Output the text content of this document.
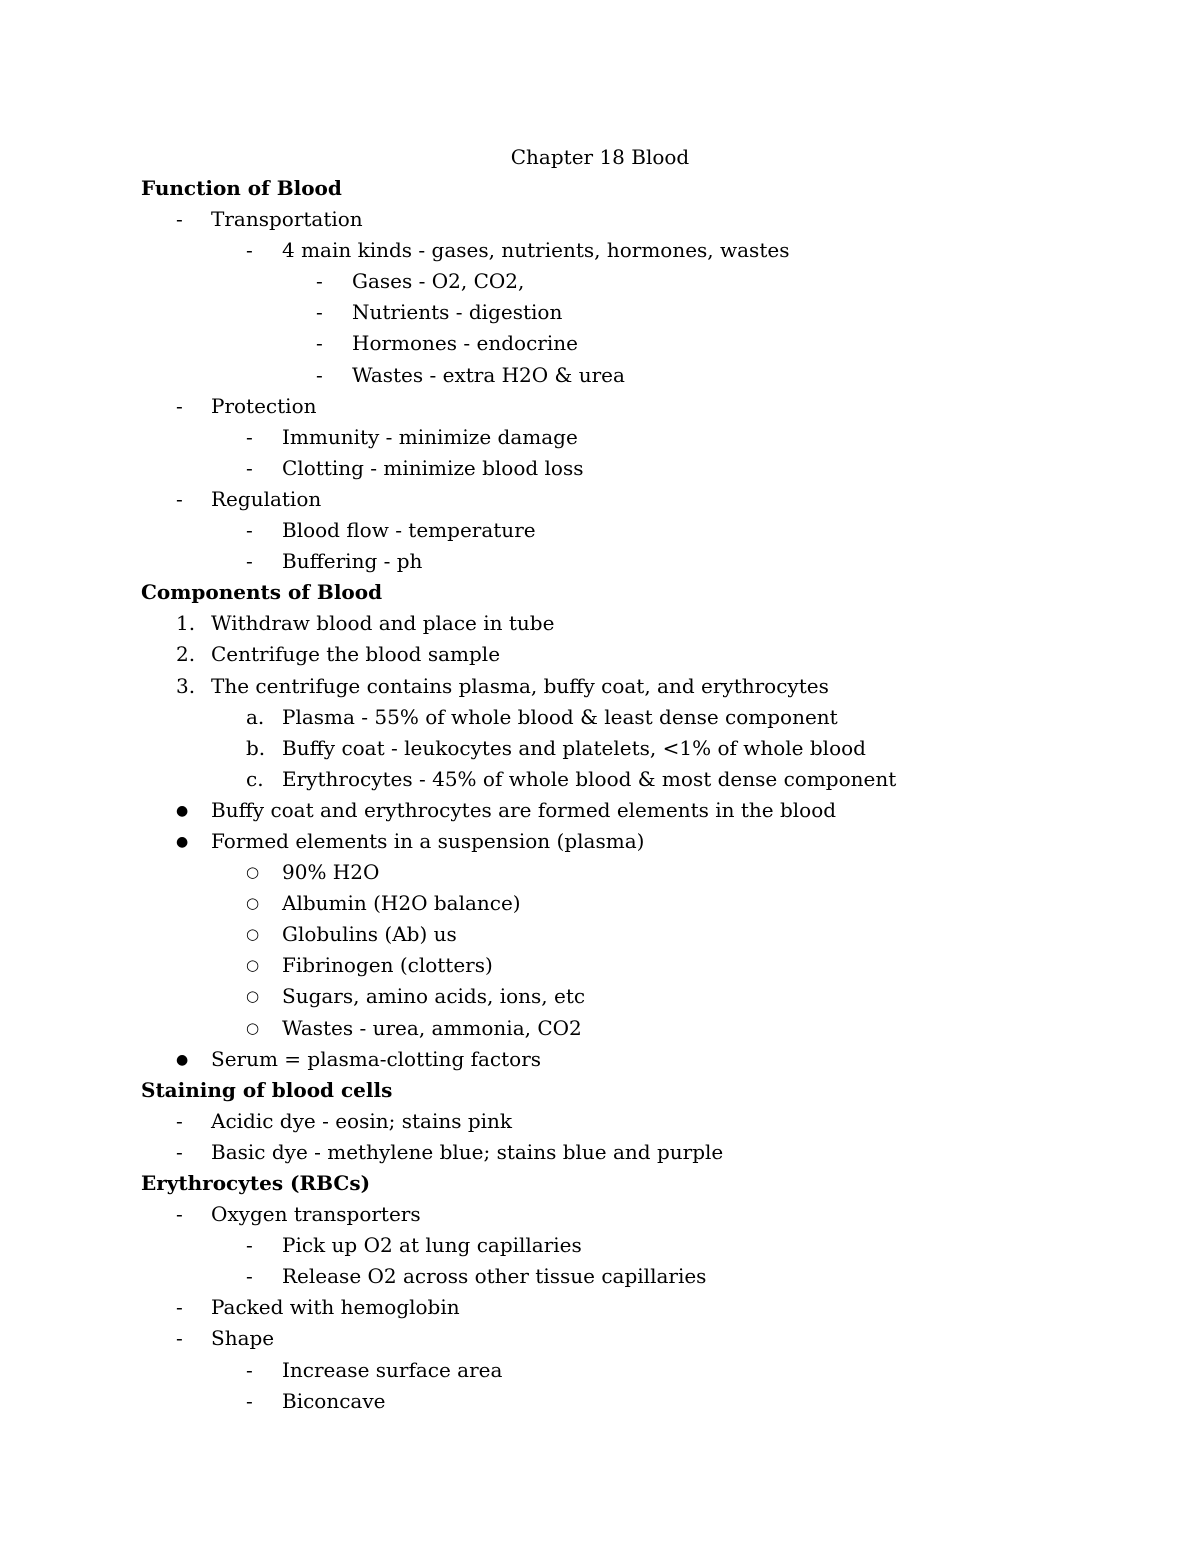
Chapter 18 Blood
Function of Blood
- Transportation
- 4 main kinds - gases, nutrients, hormones, wastes
- Gases - O2, CO2,
- Nutrients - digestion
- Hormones - endocrine
- Wastes - extra H2O & urea
- Protection
- Immunity - minimize damage
- Clotting - minimize blood loss
- Regulation
- Blood flow - temperature
- Buffering - ph
Components of Blood
1. Withdraw blood and place in tube
2. Centrifuge the blood sample
3. The centrifuge contains plasma, buffy coat, and erythrocytes
a. Plasma - 55% of whole blood & least dense component
b. Buffy coat - leukocytes and platelets, <1% of whole blood
c. Erythrocytes - 45% of whole blood & most dense component
● Buffy coat and erythrocytes are formed elements in the blood
● Formed elements in a suspension (plasma)
○ 90% H2O
○ Albumin (H2O balance)
○ Globulins (Ab) us
○ Fibrinogen (clotters)
○ Sugars, amino acids, ions, etc
○ Wastes - urea, ammonia, CO2
● Serum = plasma-clotting factors
Staining of blood cells
- Acidic dye - eosin; stains pink
- Basic dye - methylene blue; stains blue and purple
Erythrocytes (RBCs)
- Oxygen transporters
- Pick up O2 at lung capillaries
- Release O2 across other tissue capillaries
- Packed with hemoglobin
- Shape
- Increase surface area
- Biconcave
